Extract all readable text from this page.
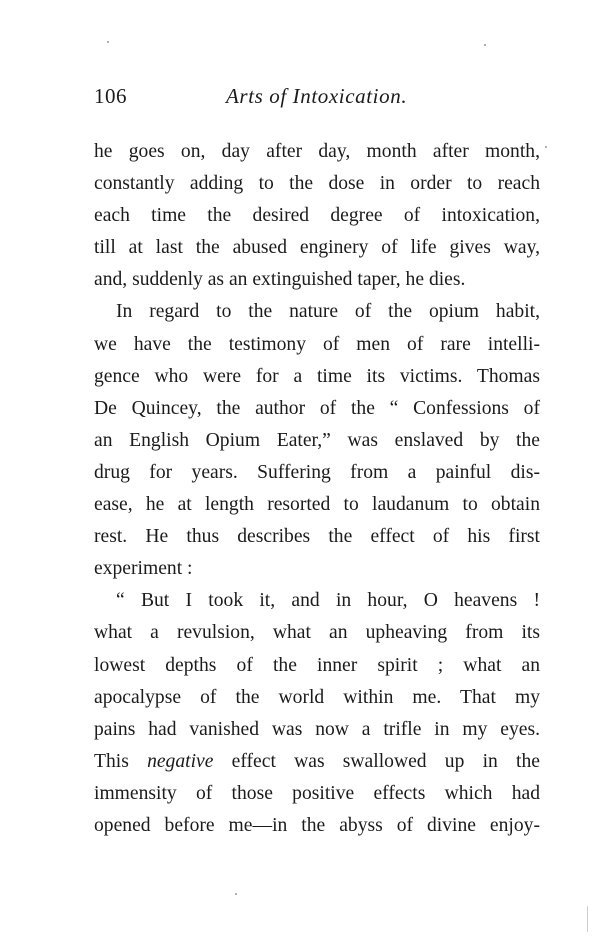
106	Arts of Intoxication.
he goes on, day after day, month after month,
constantly adding to the dose in order to reach
each time the desired degree of intoxication,
till at last the abused enginery of life gives way,
and, suddenly as an extinguished taper, he dies.
In regard to the nature of the opium habit,
we have the testimony of men of rare intelli-
gence who were for a time its victims. Thomas
De Quincey, the author of the “ Confessions of
an English Opium Eater,” was enslaved by the
drug for years. Suffering from a painful dis-
ease, he at length resorted to laudanum to obtain
rest. He thus describes the effect of his first
experiment :
“ But I took it, and in hour, O heavens !
what a revulsion, what an upheaving from its
lowest depths of the inner spirit ; what an
apocalypse of the world within me. That my
pains had vanished was now a trifle in my eyes.
This negative effect was swallowed up in the
immensity of those positive effects which had
opened before me—in the abyss of divine enjoy-
